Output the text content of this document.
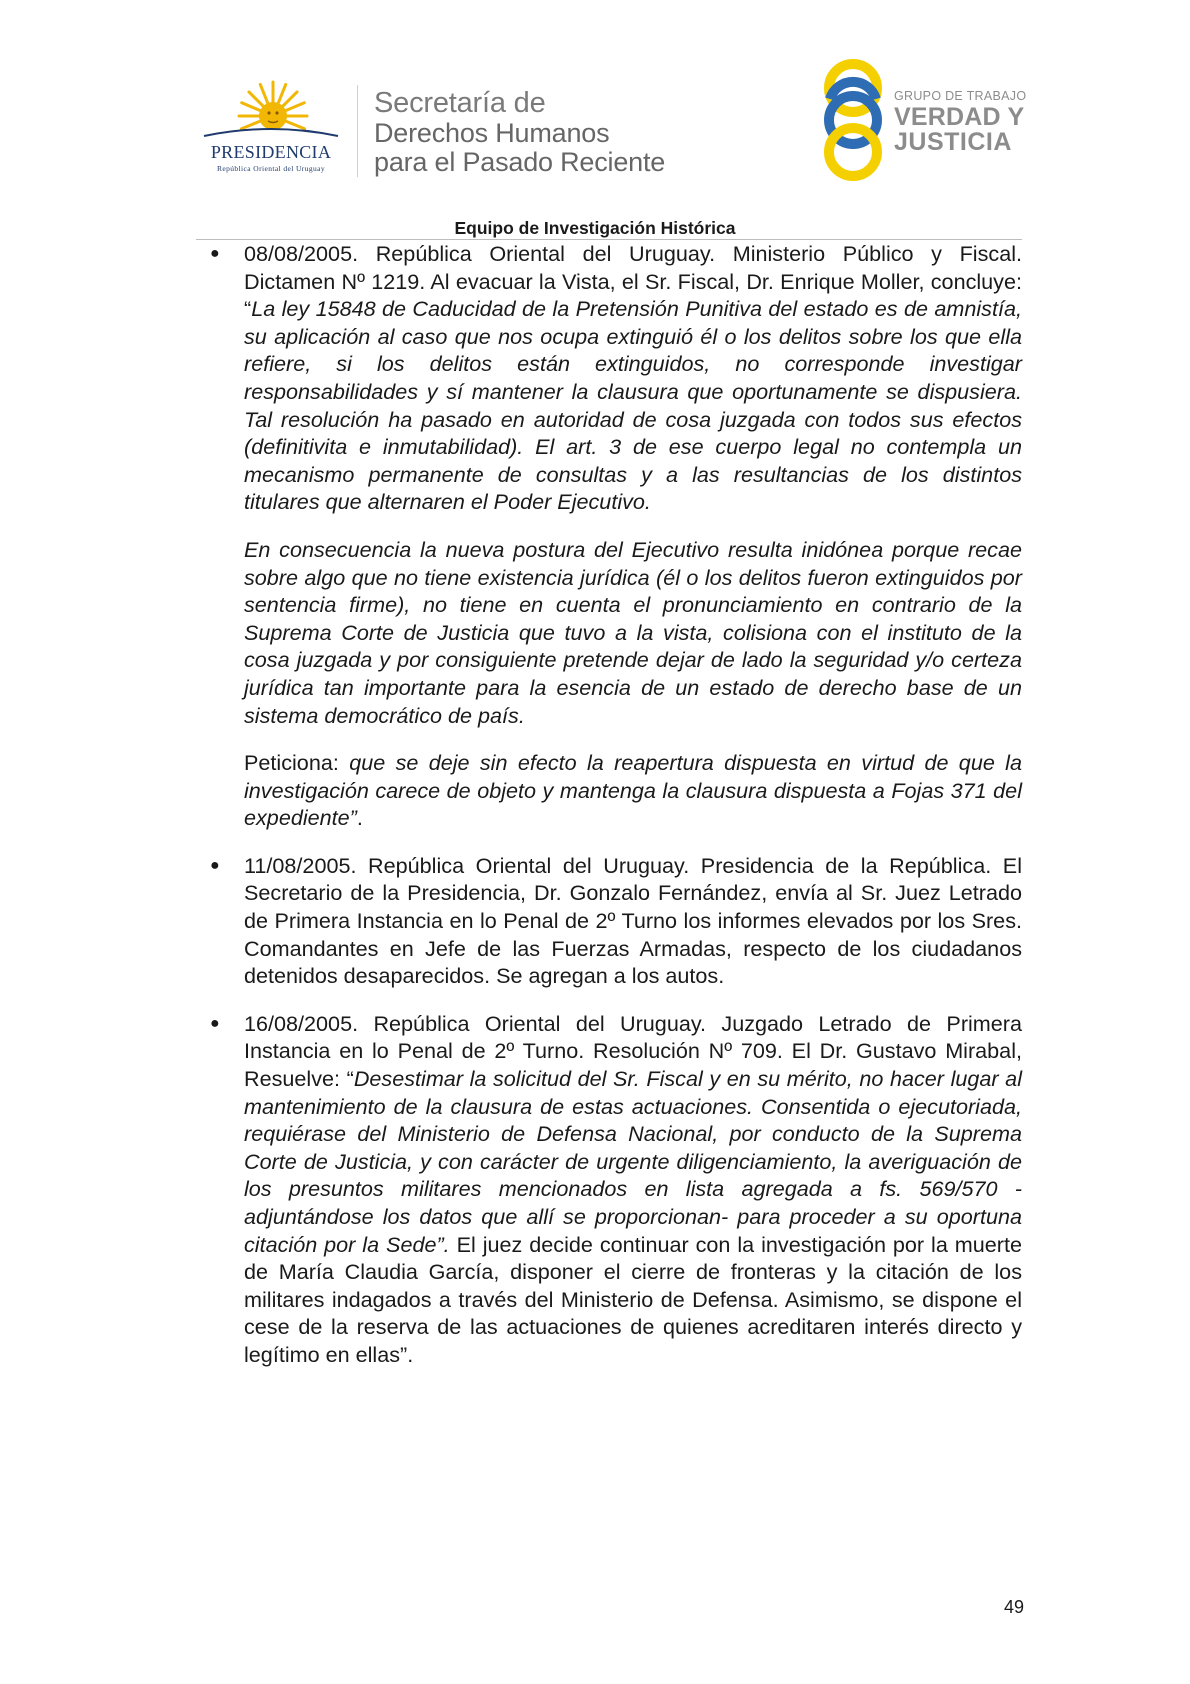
PRESIDENCIA
República Oriental del Uruguay
Secretaría de
Derechos Humanos
para el Pasado Reciente
GRUPO DE TRABAJO
VERDAD Y
JUSTICIA
Equipo de Investigación Histórica
● 08/08/2005. República Oriental del Uruguay. Ministerio Público y Fiscal. Dictamen Nº 1219. Al evacuar la Vista, el Sr. Fiscal, Dr. Enrique Moller, concluye: “La ley 15848 de Caducidad de la Pretensión Punitiva del estado es de amnistía, su aplicación al caso que nos ocupa extinguió él o los delitos sobre los que ella refiere, si los delitos están extinguidos, no corresponde investigar responsabilidades y sí mantener la clausura que oportunamente se dispusiera. Tal resolución ha pasado en autoridad de cosa juzgada con todos sus efectos (definitivita e inmutabilidad). El art. 3 de ese cuerpo legal no contempla un mecanismo permanente de consultas y a las resultancias de los distintos titulares que alternaren el Poder Ejecutivo.

En consecuencia la nueva postura del Ejecutivo resulta inidónea porque recae sobre algo que no tiene existencia jurídica (él o los delitos fueron extinguidos por sentencia firme), no tiene en cuenta el pronunciamiento en contrario de la Suprema Corte de Justicia que tuvo a la vista, colisiona con el instituto de la cosa juzgada y por consiguiente pretende dejar de lado la seguridad y/o certeza jurídica tan importante para la esencia de un estado de derecho base de un sistema democrático de país.

Peticiona: que se deje sin efecto la reapertura dispuesta en virtud de que la investigación carece de objeto y mantenga la clausura dispuesta a Fojas 371 del expediente”.

● 11/08/2005. República Oriental del Uruguay. Presidencia de la República. El Secretario de la Presidencia, Dr. Gonzalo Fernández, envía al Sr. Juez Letrado de Primera Instancia en lo Penal de 2º Turno los informes elevados por los Sres. Comandantes en Jefe de las Fuerzas Armadas, respecto de los ciudadanos detenidos desaparecidos. Se agregan a los autos.

● 16/08/2005. República Oriental del Uruguay. Juzgado Letrado de Primera Instancia en lo Penal de 2º Turno. Resolución Nº 709. El Dr. Gustavo Mirabal, Resuelve: “Desestimar la solicitud del Sr. Fiscal y en su mérito, no hacer lugar al mantenimiento de la clausura de estas actuaciones. Consentida o ejecutoriada, requiérase del Ministerio de Defensa Nacional, por conducto de la Suprema Corte de Justicia, y con carácter de urgente diligenciamiento, la averiguación de los presuntos militares mencionados en lista agregada a fs. 569/570 -adjuntándose los datos que allí se proporcionan- para proceder a su oportuna citación por la Sede”. El juez decide continuar con la investigación por la muerte de María Claudia García, disponer el cierre de fronteras y la citación de los militares indagados a través del Ministerio de Defensa. Asimismo, se dispone el cese de la reserva de las actuaciones de quienes acreditaren interés directo y legítimo en ellas”.

49
